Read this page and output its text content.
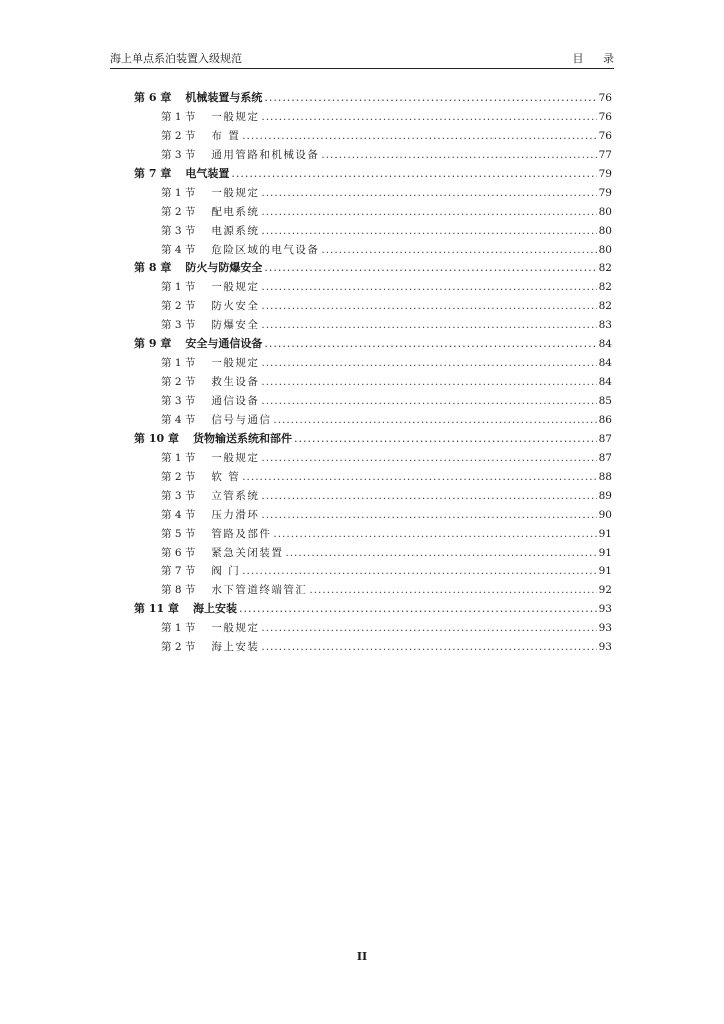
海上单点系泊装置入级规范	目 录
第 6 章 机械装置与系统 .....	76
第 1 节 一般规定 .....	76
第 2 节 布 置 .....	76
第 3 节 通用管路和机械设备 .....	77
第 7 章 电气装置 .....	79
第 1 节 一般规定 .....	79
第 2 节 配电系统 .....	80
第 3 节 电源系统 .....	80
第 4 节 危险区域的电气设备 .....	80
第 8 章 防火与防爆安全 .....	82
第 1 节 一般规定 .....	82
第 2 节 防火安全 .....	82
第 3 节 防爆安全 .....	83
第 9 章 安全与通信设备 .....	84
第 1 节 一般规定 .....	84
第 2 节 救生设备 .....	84
第 3 节 通信设备 .....	85
第 4 节 信号与通信 .....	86
第 10 章 货物输送系统和部件 .....	87
第 1 节 一般规定 .....	87
第 2 节 软 管 .....	88
第 3 节 立管系统 .....	89
第 4 节 压力滑环 .....	90
第 5 节 管路及部件 .....	91
第 6 节 紧急关闭装置 .....	91
第 7 节 阀 门 .....	91
第 8 节 水下管道终端管汇 .....	92
第 11 章 海上安装 .....	93
第 1 节 一般规定 .....	93
第 2 节 海上安装 .....	93
II
